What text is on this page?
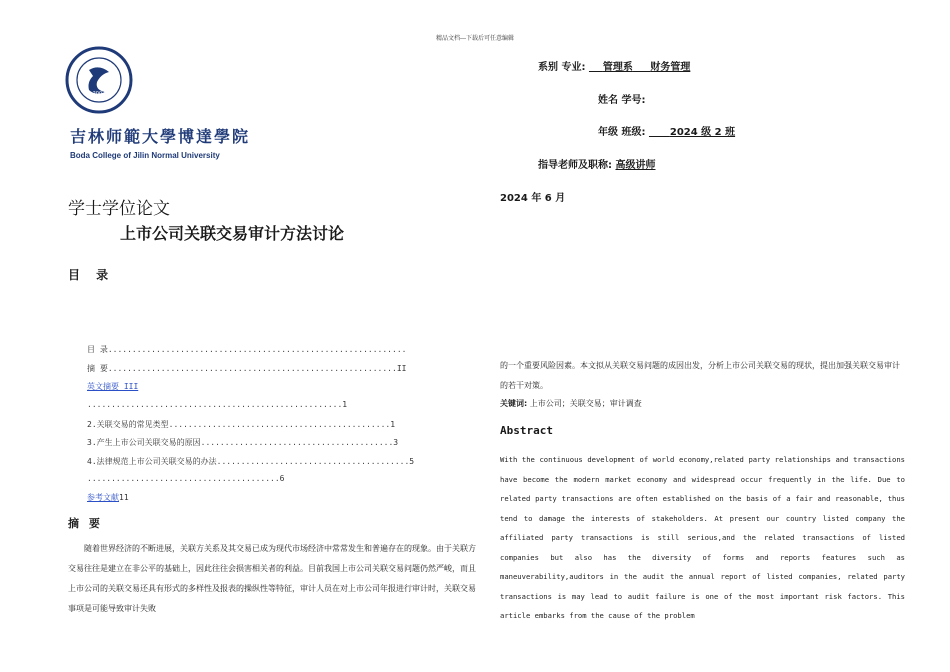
精品文档---下载后可任意编辑
2002
吉林师範大學博達學院
Boda College of Jilin Normal University
学士学位论文
上市公司关联交易审计方法讨论
目 录
目 录..............................................................
摘 要............................................................II
英文摘要 III
.....................................................1
2.关联交易的常见类型..............................................1
3.产生上市公司关联交易的原因........................................3
4.法律规范上市公司关联交易的办法........................................5
........................................6
参考文献11
摘 要
随着世界经济的不断进展，关联方关系及其交易已成为现代市场经济中常常发生和普遍存在的现象。由于关联方交易往往是建立在非公平的基础上，因此往往会损害相关者的利益。目前我国上市公司关联交易问题仍然严峻，而且上市公司的关联交易还具有形式的多样性及报表的操纵性等特征，审计人员在对上市公司年报进行审计时，关联交易事项是可能导致审计失败
系别 专业: 管理系 财务管理
姓名 学号:
年级 班级: 2024 级 2 班
指导老师及职称: 高级讲师
2024 年 6 月
的一个重要风险因素。本文拟从关联交易问题的成因出发，分析上市公司关联交易的现状，提出加强关联交易审计的若干对策。
关键词: 上市公司；关联交易；审计调查
Abstract
With the continuous development of world economy,related party relationships and transactions have become the modern market economy and widespread occur frequently in the life. Due to related party transactions are often established on the basis of a fair and reasonable, thus tend to damage the interests of stakeholders. At present our country listed company the affiliated party transactions is still serious,and the related transactions of listed companies but also has the diversity of forms and reports features such as maneuverability,auditors in the audit the annual report of listed companies, related party transactions is may lead to audit failure is one of the most important risk factors. This article embarks from the cause of the problem
